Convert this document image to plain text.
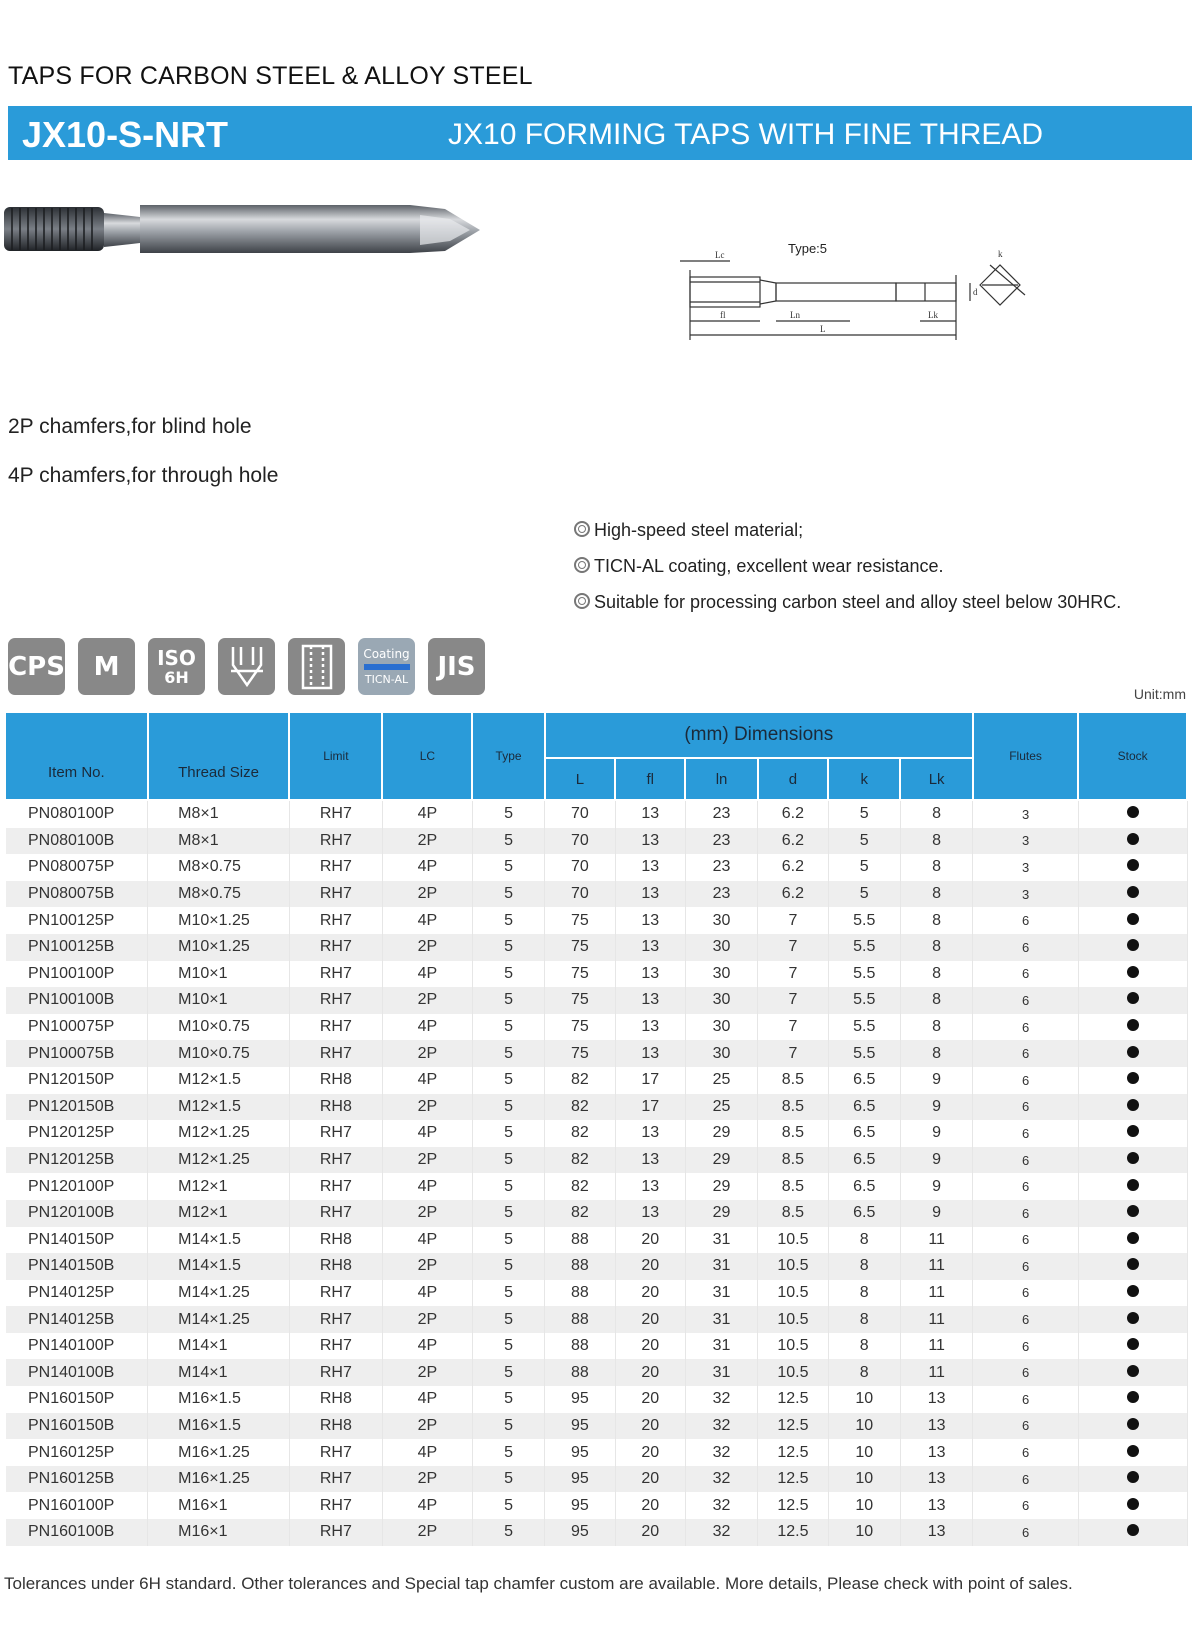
TAPS FOR CARBON STEEL & ALLOY STEEL
JX10-S-NRT	JX10 FORMING TAPS WITH FINE THREAD
Type:5
Lc
fl	Ln	Lk
L
d
k
2P chamfers,for blind hole
4P chamfers,for through hole
High-speed steel material;
TICN-AL coating, excellent wear resistance.
Suitable for processing carbon steel and alloy steel below 30HRC.
CPS	M	ISO
6H
Coating
TICN-AL	JIS
Unit:mm
Item No.	Thread Size	Limit	LC	Type	(mm) Dimensions						Flutes	Stock
					L	fl	ln	d	k	Lk		
PN080100P	M8×1	RH7	4P	5	70	13	23	6.2	5	8	3	
PN080100B	M8×1	RH7	2P	5	70	13	23	6.2	5	8	3	
PN080075P	M8×0.75	RH7	4P	5	70	13	23	6.2	5	8	3	
PN080075B	M8×0.75	RH7	2P	5	70	13	23	6.2	5	8	3	
PN100125P	M10×1.25	RH7	4P	5	75	13	30	7	5.5	8	6	
PN100125B	M10×1.25	RH7	2P	5	75	13	30	7	5.5	8	6	
PN100100P	M10×1	RH7	4P	5	75	13	30	7	5.5	8	6	
PN100100B	M10×1	RH7	2P	5	75	13	30	7	5.5	8	6	
PN100075P	M10×0.75	RH7	4P	5	75	13	30	7	5.5	8	6	
PN100075B	M10×0.75	RH7	2P	5	75	13	30	7	5.5	8	6	
PN120150P	M12×1.5	RH8	4P	5	82	17	25	8.5	6.5	9	6	
PN120150B	M12×1.5	RH8	2P	5	82	17	25	8.5	6.5	9	6	
PN120125P	M12×1.25	RH7	4P	5	82	13	29	8.5	6.5	9	6	
PN120125B	M12×1.25	RH7	2P	5	82	13	29	8.5	6.5	9	6	
PN120100P	M12×1	RH7	4P	5	82	13	29	8.5	6.5	9	6	
PN120100B	M12×1	RH7	2P	5	82	13	29	8.5	6.5	9	6	
PN140150P	M14×1.5	RH8	4P	5	88	20	31	10.5	8	11	6	
PN140150B	M14×1.5	RH8	2P	5	88	20	31	10.5	8	11	6	
PN140125P	M14×1.25	RH7	4P	5	88	20	31	10.5	8	11	6	
PN140125B	M14×1.25	RH7	2P	5	88	20	31	10.5	8	11	6	
PN140100P	M14×1	RH7	4P	5	88	20	31	10.5	8	11	6	
PN140100B	M14×1	RH7	2P	5	88	20	31	10.5	8	11	6	
PN160150P	M16×1.5	RH8	4P	5	95	20	32	12.5	10	13	6	
PN160150B	M16×1.5	RH8	2P	5	95	20	32	12.5	10	13	6	
PN160125P	M16×1.25	RH7	4P	5	95	20	32	12.5	10	13	6	
PN160125B	M16×1.25	RH7	2P	5	95	20	32	12.5	10	13	6	
PN160100P	M16×1	RH7	4P	5	95	20	32	12.5	10	13	6	
PN160100B	M16×1	RH7	2P	5	95	20	32	12.5	10	13	6	
Tolerances under 6H standard. Other tolerances and Special tap chamfer custom are available. More details, Please check with point of sales.
